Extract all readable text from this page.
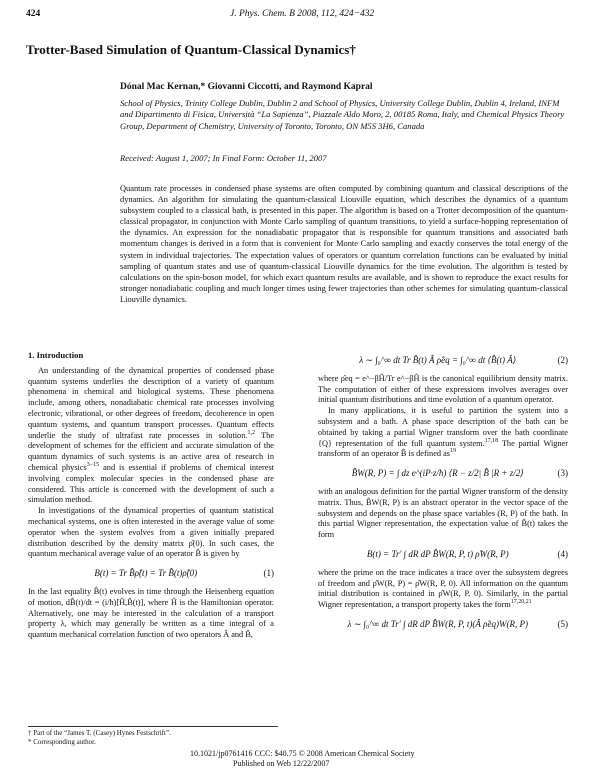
424	J. Phys. Chem. B 2008, 112, 424−432
Trotter-Based Simulation of Quantum-Classical Dynamics†
Dónal Mac Kernan,* Giovanni Ciccotti, and Raymond Kapral
School of Physics, Trinity College Dublin, Dublin 2 and School of Physics, University College Dublin, Dublin 4, Ireland, INFM and Dipartimento di Fisica, Università “La Sapienza”, Piazzale Aldo Moro, 2, 00185 Roma, Italy, and Chemical Physics Theory Group, Department of Chemistry, University of Toronto, Toronto, ON M5S 3H6, Canada
Received: August 1, 2007; In Final Form: October 11, 2007
Quantum rate processes in condensed phase systems are often computed by combining quantum and classical descriptions of the dynamics. An algorithm for simulating the quantum-classical Liouville equation, which describes the dynamics of a quantum subsystem coupled to a classical bath, is presented in this paper. The algorithm is based on a Trotter decomposition of the quantum-classical propagator, in conjunction with Monte Carlo sampling of quantum transitions, to yield a surface-hopping representation of the dynamics. An expression for the nonadiabatic propagator that is responsible for quantum transitions and associated bath momentum changes is derived in a form that is convenient for Monte Carlo sampling and exactly conserves the total energy of the system in individual trajectories. The expectation values of operators or quantum correlation functions can be evaluated by initial sampling of quantum states and use of quantum-classical Liouville dynamics for the time evolution. The algorithm is tested by calculations on the spin-boson model, for which exact quantum results are available, and is shown to reproduce the exact results for stronger nonadiabatic coupling and much longer times using fewer trajectories than other schemes for simulating quantum-classical Liouville dynamics.
1. Introduction

An understanding of the dynamical properties of condensed phase quantum systems underlies the description of a variety of quantum phenomena in chemical and biological systems. These phenomena include, among others, nonadiabatic chemical rate processes involving electronic, vibrational, or other degrees of freedom, decoherence in open quantum systems, and quantum transport processes. Quantum effects underlie the study of ultrafast rate processes in solution.$^{1,2}$ The development of schemes for the efficient and accurate simulation of the quantum dynamics of such systems is an active area of research in chemical physics$^{3-15}$ and is essential if problems of chemical interest involving complex molecular species in the condensed phase are considered. This article is concerned with the development of such a simulation method.

In investigations of the dynamical properties of quantum statistical mechanical systems, one is often interested in the average value of some operator when the system evolves from a given initially prepared distribution described by the density matrix ρ̂(0). In such cases, the quantum mechanical average value of an operator B̂ is given by

B(t) = Tr B̂ρ̂(t) = Tr B̂(t)ρ̂(0)	(1)

In the last equality B̂(t) evolves in time through the Heisenberg equation of motion, dB̂(t)/dt = (i/ħ)[Ĥ,B̂(t)], where Ĥ is the Hamiltonian operator. Alternatively, one may be interested in the calculation of a transport property λ, which may generally be written as a time integral of a quantum mechanical correlation function of two operators Â and B̂,

λ ∼ ∫₀^∞ dt Tr B̂(t) Â ρ̂eq = ∫₀^∞ dt ⟨B̂(t) Â⟩	(2)

where ρ̂eq = e^−βĤ/Tr e^−βĤ is the canonical equilibrium density matrix. The computation of either of these expressions involves averages over initial quantum distributions and time evolution of a quantum operator.

In many applications, it is useful to partition the system into a subsystem and a bath. A phase space description of the bath can be obtained by taking a partial Wigner transform over the bath coordinate {Q} representation of the full quantum system.$^{17,18}$ The partial Wigner transform of an operator B̂ is defined $as^{19}$

B̂W(R, P) = ∫ dz e^(iP·z/ħ) ⟨R − z/2| B̂ |R + z/2⟩	(3)

with an analogous definition for the partial Wigner transform of the density matrix. Thus, B̂W(R, P) is an abstract operator in the vector space of the subsystem and depends on the phase space variables (R, P) of the bath. In this partial Wigner representation, the expectation value of B̂(t) takes the form

B(t) = Tr′ ∫ dR dP B̂W(R, P, t) ρ̂W(R, P)	(4)

where the prime on the trace indicates a trace over the subsystem degrees of freedom and ρ̂W(R, P) = ρ̂W(R, P, 0). All information on the quantum initial distribution is contained in ρ̂W(R, P, 0). Similarly, in the partial Wigner representation, a transport property takes the form$^{17,20,21}$

λ ∼ ∫₀^∞ dt Tr′ ∫ dR dP B̂W(R, P, t)(Â ρ̂eq)W(R, P)	(5)
† Part of the “James T. (Casey) Hynes Festschrift”.
* Corresponding author.
10.1021/jp0761416 CCC: $40.75 © 2008 American Chemical Society
Published on Web 12/22/2007
